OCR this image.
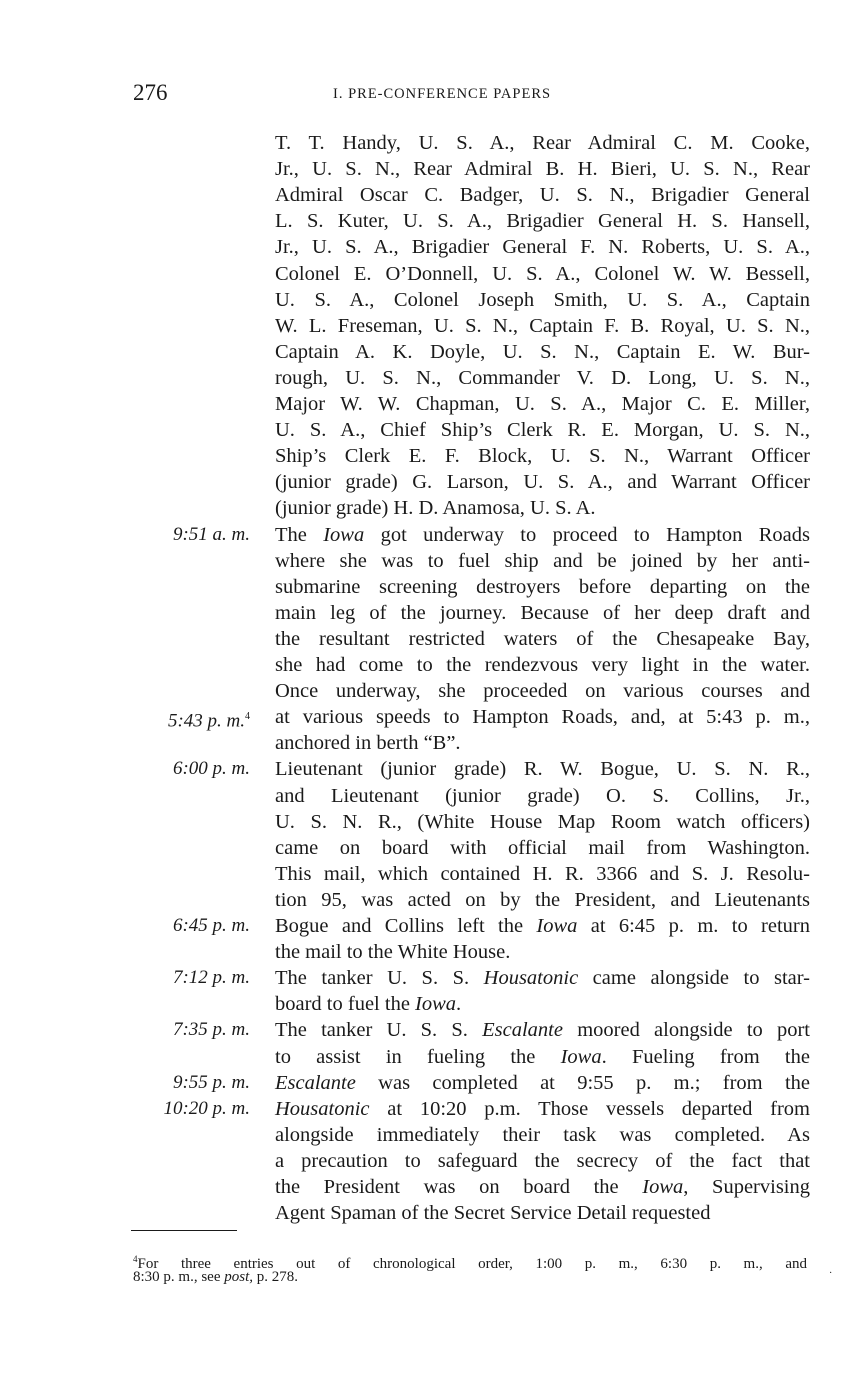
276	I. PRE-CONFERENCE PAPERS
T. T. Handy, U. S. A., Rear Admiral C. M. Cooke,
Jr., U. S. N., Rear Admiral B. H. Bieri, U. S. N., Rear
Admiral Oscar C. Badger, U. S. N., Brigadier General
L. S. Kuter, U. S. A., Brigadier General H. S. Hansell,
Jr., U. S. A., Brigadier General F. N. Roberts, U. S. A.,
Colonel E. O’Donnell, U. S. A., Colonel W. W. Bessell,
U. S. A., Colonel Joseph Smith, U. S. A., Captain
W. L. Freseman, U. S. N., Captain F. B. Royal, U. S. N.,
Captain A. K. Doyle, U. S. N., Captain E. W. Bur-
rough, U. S. N., Commander V. D. Long, U. S. N.,
Major W. W. Chapman, U. S. A., Major C. E. Miller,
U. S. A., Chief Ship’s Clerk R. E. Morgan, U. S. N.,
Ship’s Clerk E. F. Block, U. S. N., Warrant Officer
(junior grade) G. Larson, U. S. A., and Warrant Officer
(junior grade) H. D. Anamosa, U. S. A.
The Iowa got underway to proceed to Hampton Roads
where she was to fuel ship and be joined by her anti-
submarine screening destroyers before departing on the
main leg of the journey. Because of her deep draft and
the resultant restricted waters of the Chesapeake Bay,
she had come to the rendezvous very light in the water.
Once underway, she proceeded on various courses and
at various speeds to Hampton Roads, and, at 5:43 p. m.,
anchored in berth “B”.
Lieutenant (junior grade) R. W. Bogue, U. S. N. R.,
and Lieutenant (junior grade) O. S. Collins, Jr.,
U. S. N. R., (White House Map Room watch officers)
came on board with official mail from Washington.
This mail, which contained H. R. 3366 and S. J. Resolu-
tion 95, was acted on by the President, and Lieutenants
Bogue and Collins left the Iowa at 6:45 p. m. to return
the mail to the White House.
The tanker U. S. S. Housatonic came alongside to star-
board to fuel the Iowa.
The tanker U. S. S. Escalante moored alongside to port
to assist in fueling the Iowa. Fueling from the
Escalante was completed at 9:55 p. m.; from the
Housatonic at 10:20 p.m. Those vessels departed from
alongside immediately their task was completed. As
a precaution to safeguard the secrecy of the fact that
the President was on board the Iowa, Supervising
Agent Spaman of the Secret Service Detail requested
9:51 a. m.
5:43 p. m.$^4$
6:00 p. m.
6:45 p. m.
7:12 p. m.
7:35 p. m.
9:55 p. m.
10:20 p. m.
$^4$For three entries out of chronological order, 1:00 p. m., 6:30 p. m., and
8:30 p. m., see post, p. 278.	·
